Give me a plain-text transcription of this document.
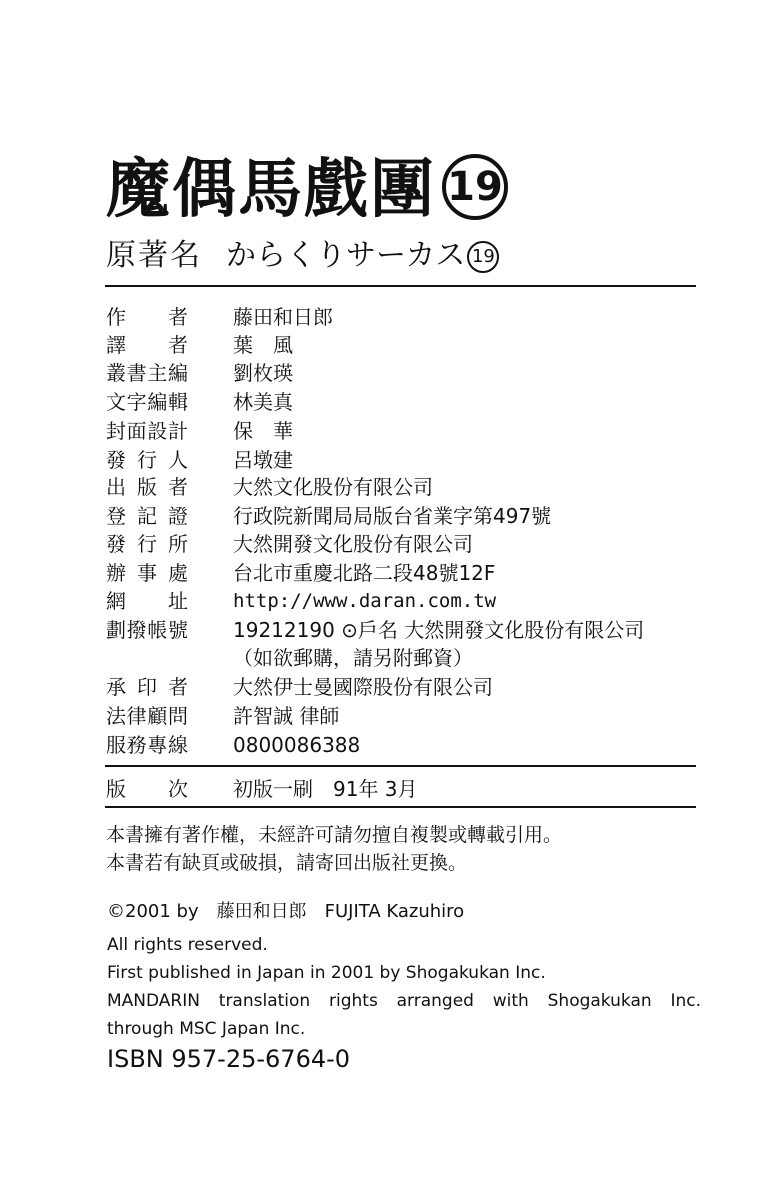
魔偶馬戲團 19
原著名 からくりサーカス 19
作 者 藤田和日郎
譯 者 葉　風
叢 書 主 編 劉枚瑛
文 字 編 輯 林美真
封 面 設 計 保　華
發 行 人 呂墩建
出 版 者 大然文化股份有限公司
登 記 證 行政院新聞局局版台省業字第497號
發 行 所 大然開發文化股份有限公司
辦 事 處 台北市重慶北路二段48號12F
網 址 http://www.daran.com.tw
劃 撥 帳 號 19212190 ⊙戶名 大然開發文化股份有限公司
（如欲郵購，請另附郵資）
承 印 者 大然伊士曼國際股份有限公司
法 律 顧 問 許智誠 律師
服 務 專 線 0800086388
版 次 初版一刷　91年 3月
本書擁有著作權，未經許可請勿擅自複製或轉載引用。
本書若有缺頁或破損，請寄回出版社更換。
©2001 by　藤田和日郎　FUJITA Kazuhiro
All rights reserved.
First published in Japan in 2001 by Shogakukan Inc.
MANDARIN translation rights arranged with Shogakukan Inc.
through MSC Japan Inc.
ISBN 957-25-6764-0
